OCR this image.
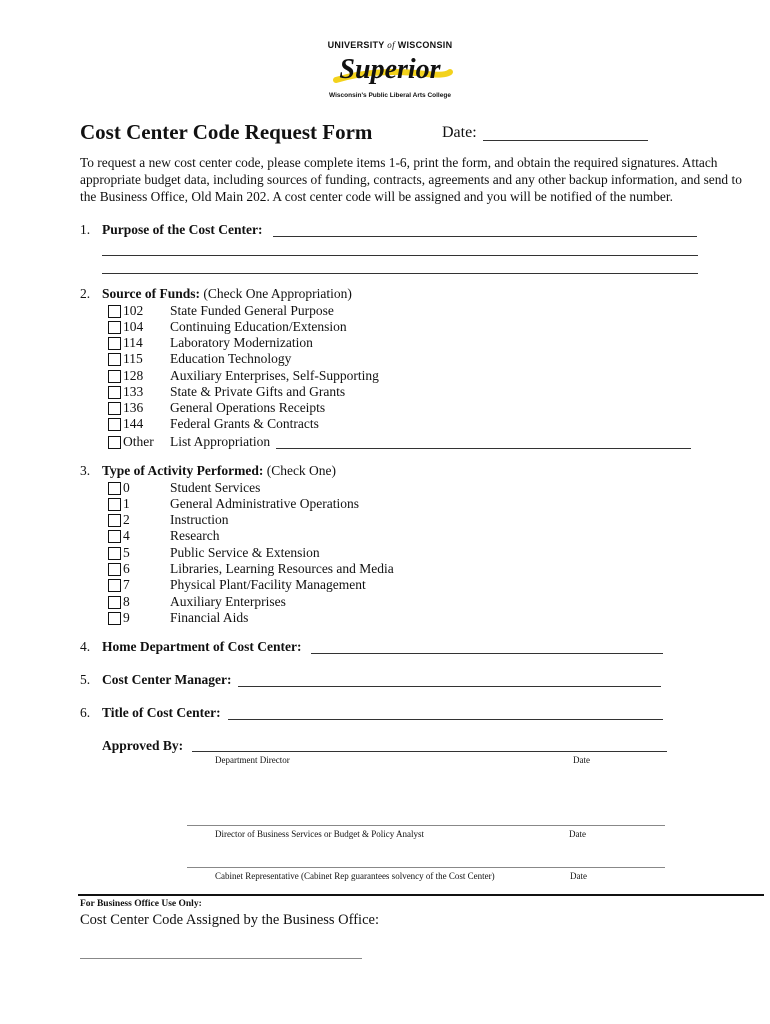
UNIVERSITY of WISCONSIN
Superior
Wisconsin's Public Liberal Arts College
Cost Center Code Request Form	Date:
To request a new cost center code, please complete items 1-6, print the form, and obtain the required signatures. Attach appropriate budget data, including sources of funding, contracts, agreements and any other backup information, and send to the Business Office, Old Main 202. A cost center code will be assigned and you will be notified of the number.
1. Purpose of the Cost Center:
2. Source of Funds: (Check One Appropriation)
102 State Funded General Purpose
104 Continuing Education/Extension
114 Laboratory Modernization
115 Education Technology
128 Auxiliary Enterprises, Self-Supporting
133 State & Private Gifts and Grants
136 General Operations Receipts
144 Federal Grants & Contracts
Other List Appropriation
3. Type of Activity Performed: (Check One)
0	Student Services
1	General Administrative Operations
2	Instruction
4	Research
5	Public Service & Extension
6	Libraries, Learning Resources and Media
7	Physical Plant/Facility Management
8	Auxiliary Enterprises
9	Financial Aids
4. Home Department of Cost Center:
5. Cost Center Manager:
6. Title of Cost Center:
Approved By:
Department Director	Date
Director of Business Services or Budget & Policy Analyst	Date
Cabinet Representative (Cabinet Rep guarantees solvency of the Cost Center)	Date
For Business Office Use Only:
Cost Center Code Assigned by the Business Office:
